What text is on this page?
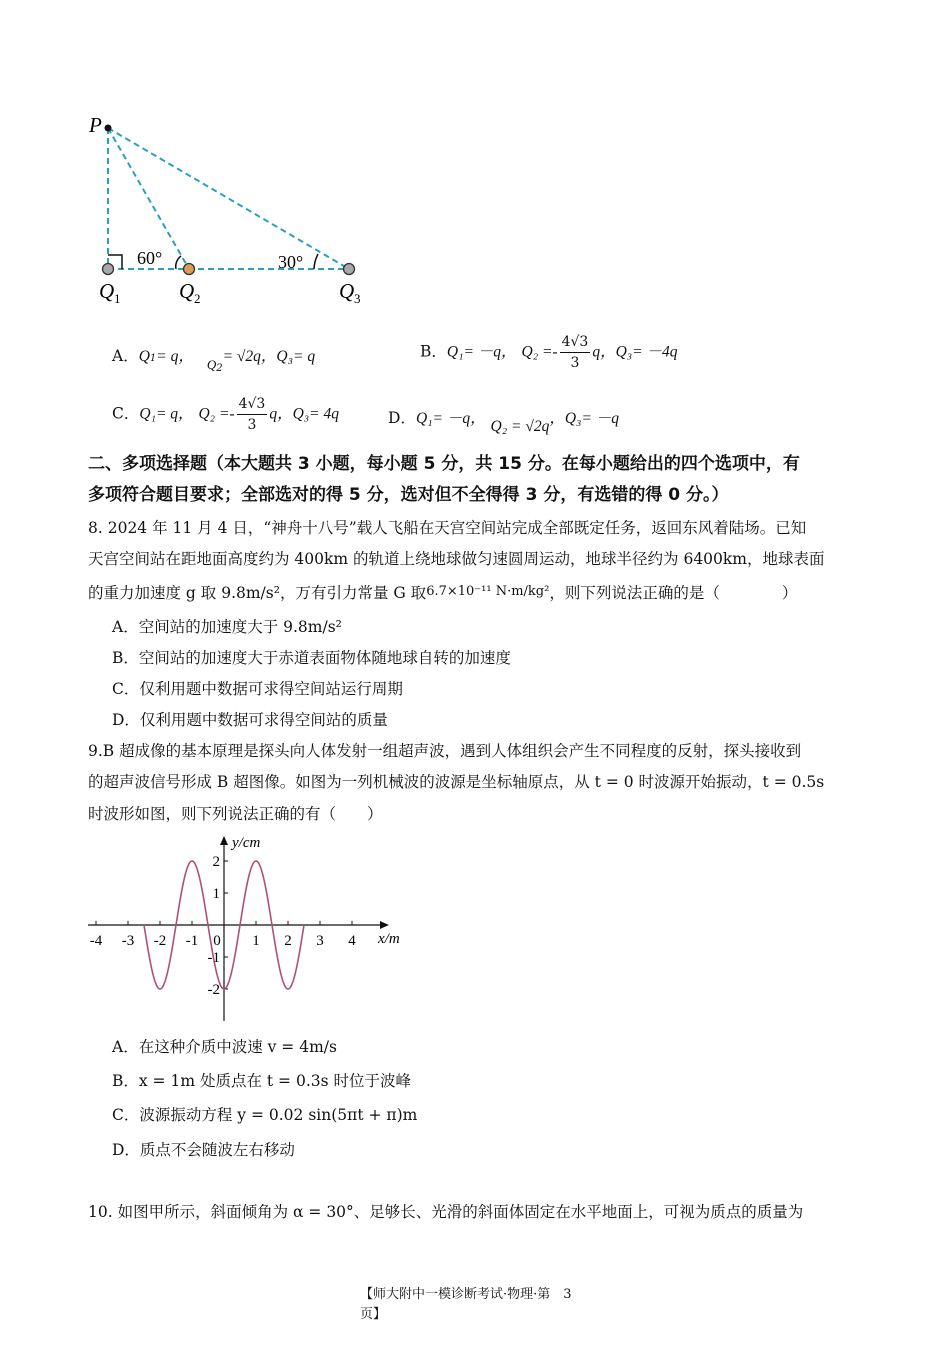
P
60°	30°
Q 1	Q 2	Q 3
A．Q1= q， $_{Q2}$= √2q，Q₃= q	B．Q₁= －q， $Q_2 =- \frac{4√3}{3}$ q，Q₃= －4q
C．Q₁= q， $Q_2 =- \frac{4√3}{3}$ q，Q₃= 4q	D．Q₁= －q， Q₂ = √2q，Q₃= －q
二、多项选择题（本大题共 3 小题，每小题 5 分，共 15 分。在每小题给出的四个选项中，有
多项符合题目要求；全部选对的得 5 分，选对但不全得得 3 分，有选错的得 0 分。）
8. 2024 年 11 月 4 日，“神舟十八号”载人飞船在天宫空间站完成全部既定任务，返回东风着陆场。已知
天宫空间站在距地面高度约为 400km 的轨道上绕地球做匀速圆周运动，地球半径约为 6400km，地球表面
的重力加速度 g 取 9.8m/s²，万有引力常量 G 取6.7×10⁻¹¹ N·m/kg²，则下列说法正确的是（　　　　）
A．空间站的加速度大于 9.8m/s²
B．空间站的加速度大于赤道表面物体随地球自转的加速度
C．仅利用题中数据可求得空间站运行周期
D．仅利用题中数据可求得空间站的质量
9.B 超成像的基本原理是探头向人体发射一组超声波，遇到人体组织会产生不同程度的反射，探头接收到
的超声波信号形成 B 超图像。如图为一列机械波的波源是坐标轴原点，从 t = 0 时波源开始振动，t = 0.5s
时波形如图，则下列说法正确的有（　　）
-4 -3 -2 -1 0 1 2 3 4
2
1
-1
-2
x/m
y/cm
A．在这种介质中波速 v = 4m/s
B．x = 1m 处质点在 t = 0.3s 时位于波峰
C．波源振动方程 y = 0.02 sin(5πt + π)m
D．质点不会随波左右移动
10. 如图甲所示，斜面倾角为 α = 30°、足够长、光滑的斜面体固定在水平地面上，可视为质点的质量为
【师大附中一模诊断考试·物理·第　3
页】
